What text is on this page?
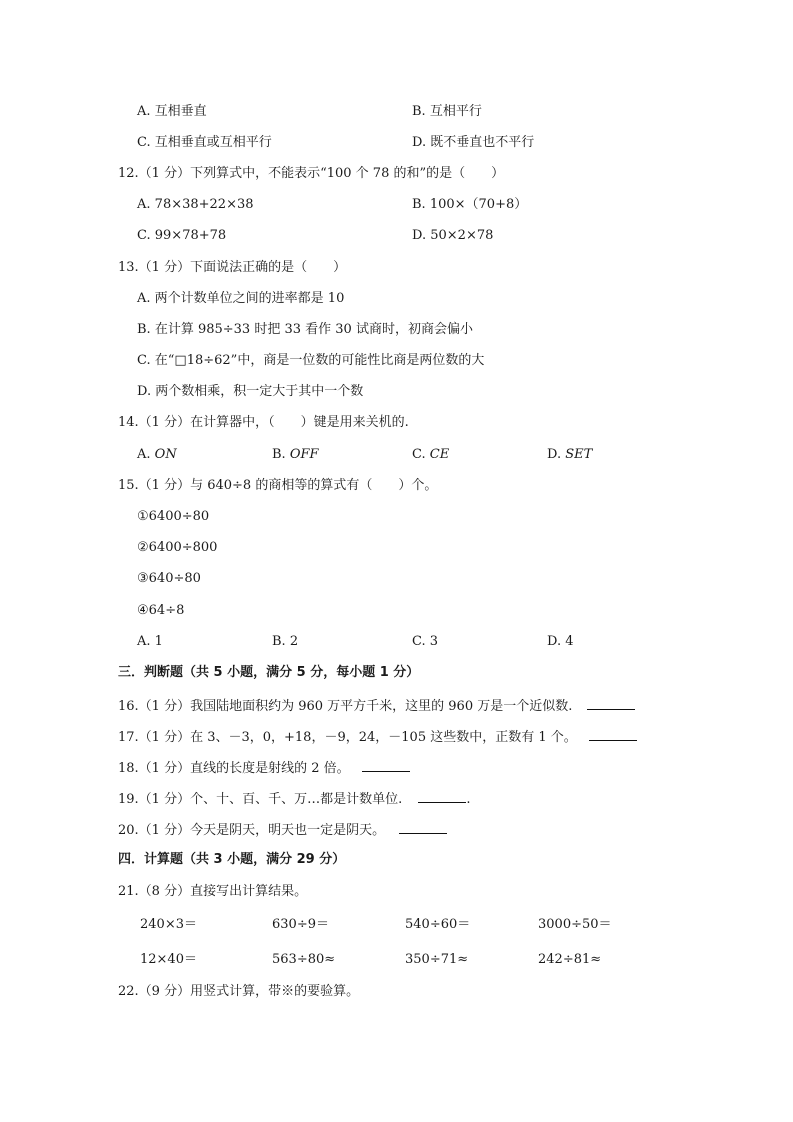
A. 互相垂直	B. 互相平行
C. 互相垂直或互相平行	D. 既不垂直也不平行
12.（1 分）下列算式中，不能表示“100 个 78 的和”的是（　　）
A. 78×38+22×38	B. 100×（70+8）
C. 99×78+78	D. 50×2×78
13.（1 分）下面说法正确的是（　　）
A. 两个计数单位之间的进率都是 10
B. 在计算 985÷33 时把 33 看作 30 试商时，初商会偏小
C. 在“□18÷62”中，商是一位数的可能性比商是两位数的大
D. 两个数相乘，积一定大于其中一个数
14.（1 分）在计算器中，（　　）键是用来关机的.
A. ON	B. OFF	C. CE	D. SET
15.（1 分）与 640÷8 的商相等的算式有（　　）个。
①6400÷80
②6400÷800
③640÷80
④64÷8
A. 1	B. 2	C. 3	D. 4
三．判断题（共 5 小题，满分 5 分，每小题 1 分）
16.（1 分）我国陆地面积约为 960 万平方千米，这里的 960 万是一个近似数.
17.（1 分）在 3、－3，0，+18，－9，24，－105 这些数中，正数有 1 个。
18.（1 分）直线的长度是射线的 2 倍。
19.（1 分）个、十、百、千、万…都是计数单位.	.
20.（1 分）今天是阴天，明天也一定是阴天。
四．计算题（共 3 小题，满分 29 分）
21.（8 分）直接写出计算结果。
240×3＝	630÷9＝	540÷60＝	3000÷50＝
12×40＝	563÷80≈	350÷71≈	242÷81≈
22.（9 分）用竖式计算，带※的要验算。
